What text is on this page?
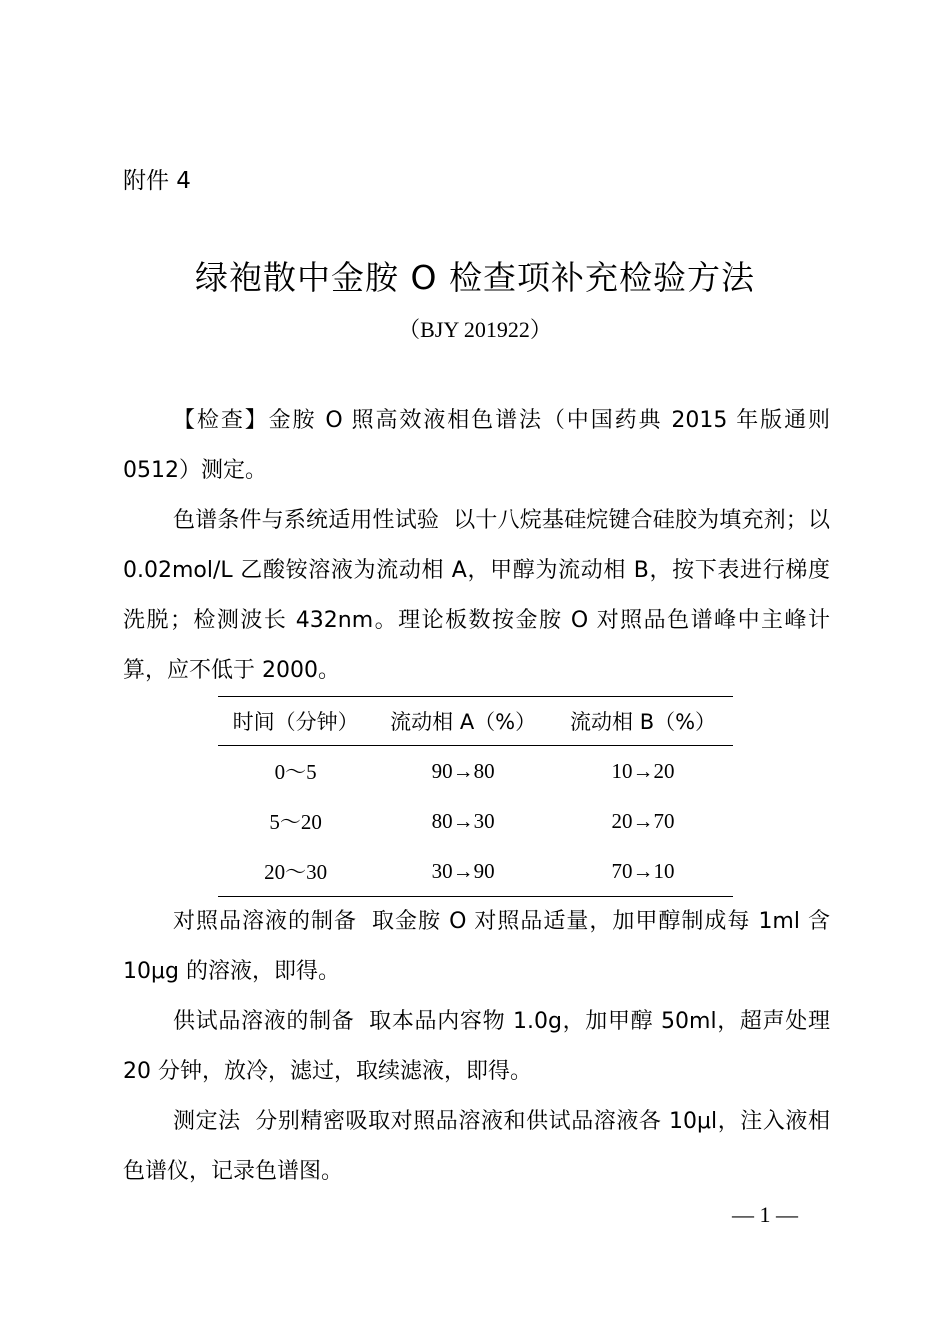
附件 4
绿袍散中金胺 O 检查项补充检验方法
（BJY 201922）

【检查】金胺 O 照高效液相色谱法（中国药典 2015 年版通则 0512）测定。

色谱条件与系统适用性试验 以十八烷基硅烷键合硅胶为填充剂；以 0.02mol/L 乙酸铵溶液为流动相 A，甲醇为流动相 B，按下表进行梯度洗脱；检测波长 432nm。理论板数按金胺 O 对照品色谱峰中主峰计算，应不低于 2000。

时间（分钟）	流动相 A（%）	流动相 B（%）
0～5	90→80	10→20
5～20	80→30	20→70
20～30	30→90	70→10

对照品溶液的制备 取金胺 O 对照品适量，加甲醇制成每 1ml 含 10μg 的溶液，即得。

供试品溶液的制备 取本品内容物 1.0g，加甲醇 50ml，超声处理 20 分钟，放冷，滤过，取续滤液，即得。

测定法 分别精密吸取对照品溶液和供试品溶液各 10μl，注入液相色谱仪，记录色谱图。

— 1 —
